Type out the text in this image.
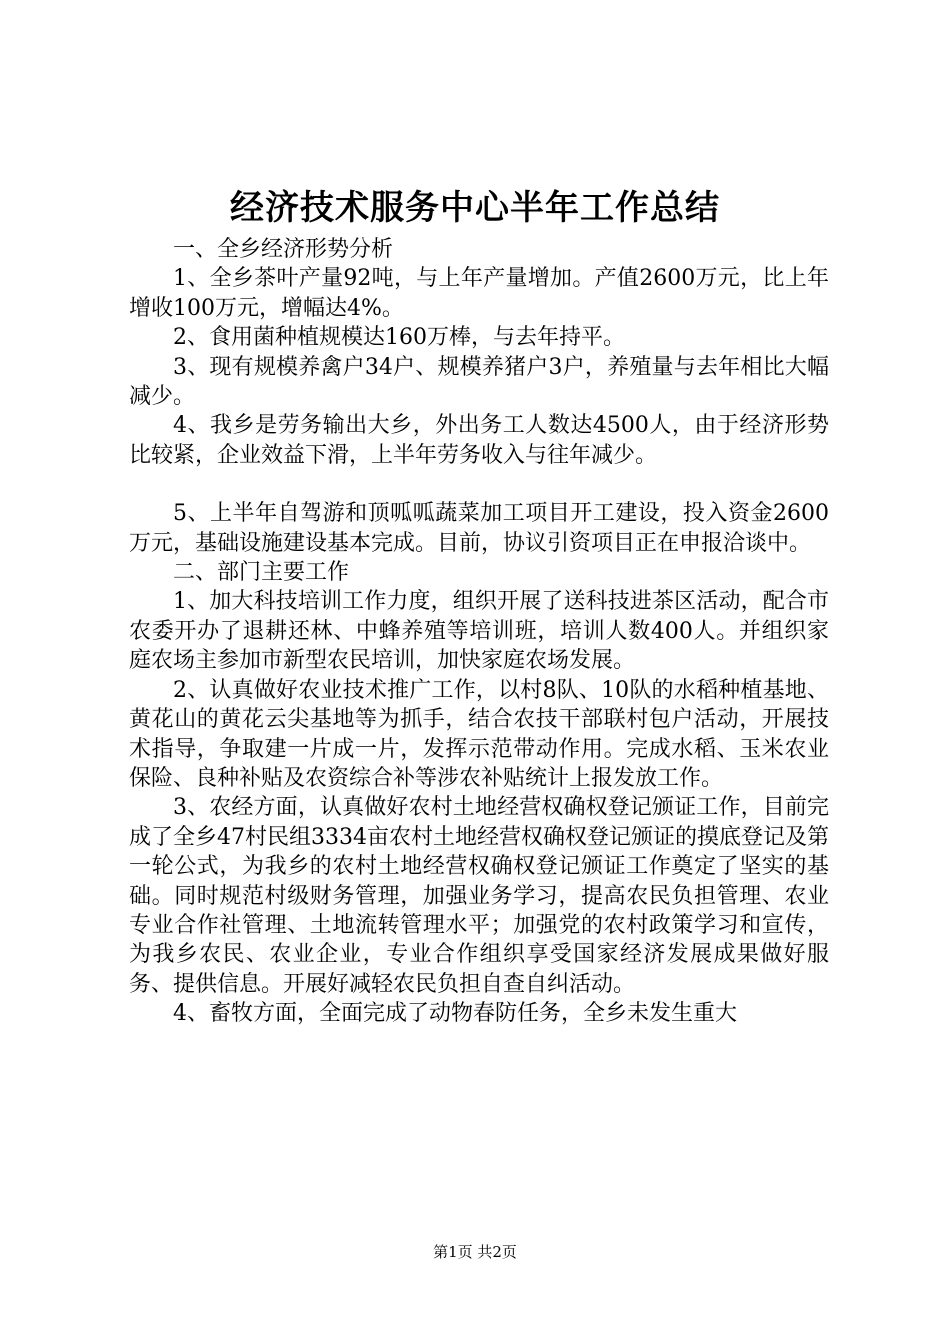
经济技术服务中心半年工作总结

一、全乡经济形势分析

1、全乡茶叶产量92吨，与上年产量增加。产值2600万元，比上年增收100万元，增幅达4%。

2、食用菌种植规模达160万棒，与去年持平。

3、现有规模养禽户34户、规模养猪户3户，养殖量与去年相比大幅减少。

4、我乡是劳务输出大乡，外出务工人数达4500人，由于经济形势比较紧，企业效益下滑，上半年劳务收入与往年减少。

5、上半年自驾游和顶呱呱蔬菜加工项目开工建设，投入资金2600万元，基础设施建设基本完成。目前，协议引资项目正在申报洽谈中。

二、部门主要工作

1、加大科技培训工作力度，组织开展了送科技进茶区活动，配合市农委开办了退耕还林、中蜂养殖等培训班，培训人数400人。并组织家庭农场主参加市新型农民培训，加快家庭农场发展。

2、认真做好农业技术推广工作，以村8队、10队的水稻种植基地、黄花山的黄花云尖基地等为抓手，结合农技干部联村包户活动，开展技术指导，争取建一片成一片，发挥示范带动作用。完成水稻、玉米农业保险、良种补贴及农资综合补等涉农补贴统计上报发放工作。

3、农经方面，认真做好农村土地经营权确权登记颁证工作，目前完成了全乡47村民组3334亩农村土地经营权确权登记颁证的摸底登记及第一轮公式，为我乡的农村土地经营权确权登记颁证工作奠定了坚实的基础。同时规范村级财务管理，加强业务学习，提高农民负担管理、农业专业合作社管理、土地流转管理水平；加强党的农村政策学习和宣传，为我乡农民、农业企业，专业合作组织享受国家经济发展成果做好服务、提供信息。开展好减轻农民负担自查自纠活动。

4、畜牧方面，全面完成了动物春防任务，全乡未发生重大

第1页 共2页
